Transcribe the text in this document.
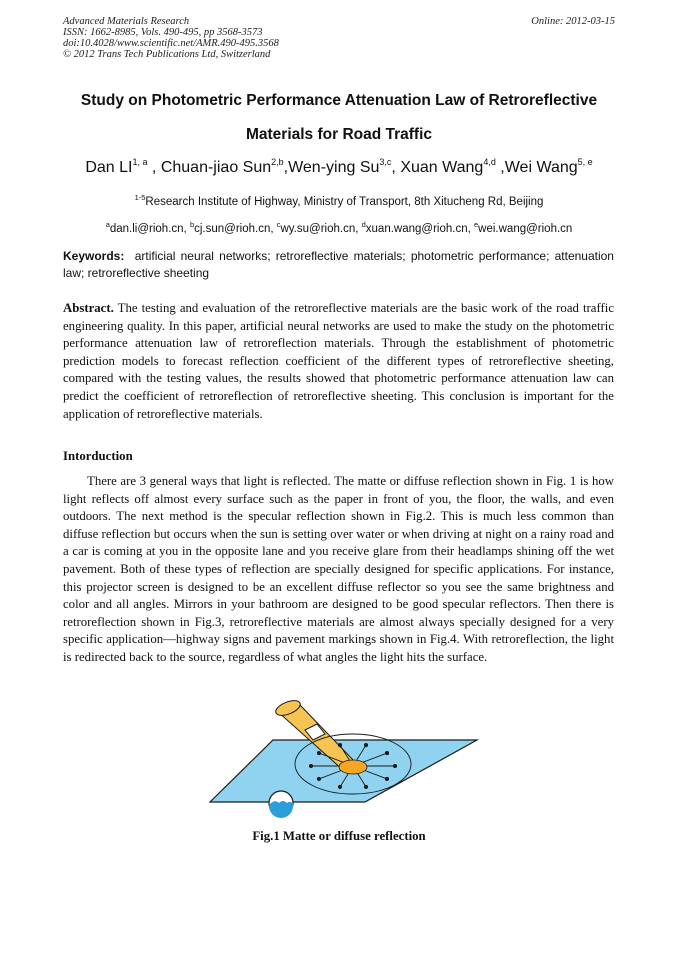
Advanced Materials Research
ISSN: 1662-8985, Vols. 490-495, pp 3568-3573
doi:10.4028/www.scientific.net/AMR.490-495.3568
© 2012 Trans Tech Publications Ltd, Switzerland
Online: 2012-03-15
Study on Photometric Performance Attenuation Law of Retroreflective
Materials for Road Traffic
Dan LI$^{1, a}$ , Chuan-jiao Sun$^{2,b}$,Wen-ying Su$^{3,c}$, Xuan Wang$^{4,d}$ ,Wei Wang$^{5, e}$
$^{1-5}$Research Institute of Highway, Ministry of Transport, 8th Xitucheng Rd, Beijing
$^a$dan.li@rioh.cn, $^b$cj.sun@rioh.cn, $^c$wy.su@rioh.cn, $^d$xuan.wang@rioh.cn, $^e$wei.wang@rioh.cn
Keywords: artificial neural networks; retroreflective materials; photometric performance; attenuation law; retroreflective sheeting
Abstract. The testing and evaluation of the retroreflective materials are the basic work of the road traffic engineering quality. In this paper, artificial neural networks are used to make the study on the photometric performance attenuation law of retroreflection materials. Through the establishment of photometric prediction models to forecast reflection coefficient of the different types of retroreflective sheeting, compared with the testing values, the results showed that photometric performance attenuation law can predict the coefficient of retroreflection of retroreflective sheeting. This conclusion is important for the application of retroreflective materials.
Intorduction
There are 3 general ways that light is reflected. The matte or diffuse reflection shown in Fig. 1 is how light reflects off almost every surface such as the paper in front of you, the floor, the walls, and even outdoors. The next method is the specular reflection shown in Fig.2. This is much less common than diffuse reflection but occurs when the sun is setting over water or when driving at night on a rainy road and a car is coming at you in the opposite lane and you receive glare from their headlamps shining off the wet pavement. Both of these types of reflection are specially designed for specific applications. For instance, this projector screen is designed to be an excellent diffuse reflector so you see the same brightness and color and all angles. Mirrors in your bathroom are designed to be good specular reflectors. Then there is retroreflection shown in Fig.3, retroreflective materials are almost always specially designed for a very specific application—highway signs and pavement markings shown in Fig.4. With retroreflection, the light is redirected back to the source, regardless of what angles the light hits the surface.
Fig.1 Matte or diffuse reflection
